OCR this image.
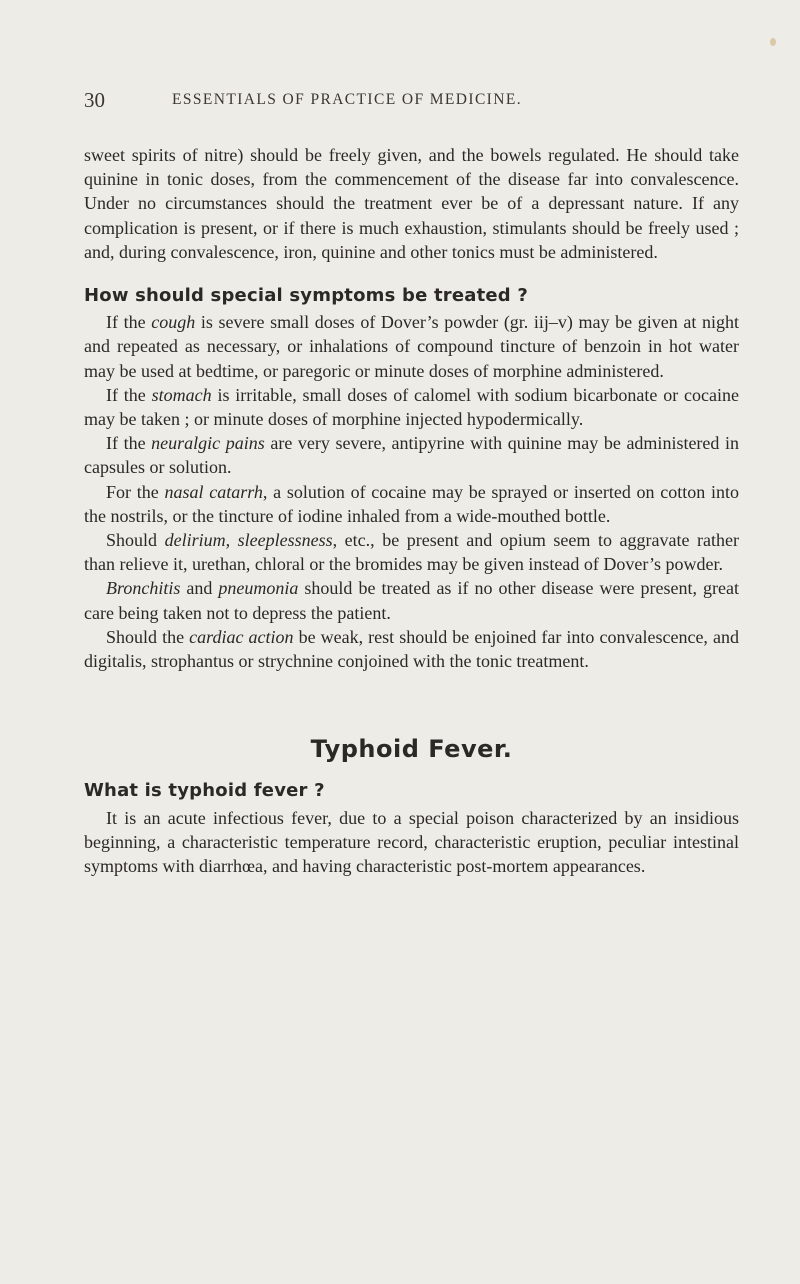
30	ESSENTIALS OF PRACTICE OF MEDICINE.

sweet spirits of nitre) should be freely given, and the bowels regulated. He should take quinine in tonic doses, from the commencement of the disease far into convalescence. Under no circumstances should the treatment ever be of a depressant nature. If any complication is present, or if there is much exhaustion, stimulants should be freely used ; and, during convalescence, iron, quinine and other tonics must be administered.

How should special symptoms be treated ?

If the cough is severe small doses of Dover’s powder (gr. iij–v) may be given at night and repeated as necessary, or inhalations of compound tincture of benzoin in hot water may be used at bedtime, or paregoric or minute doses of morphine administered.

If the stomach is irritable, small doses of calomel with sodium bicarbonate or cocaine may be taken ; or minute doses of morphine injected hypodermically.

If the neuralgic pains are very severe, antipyrine with quinine may be administered in capsules or solution.

For the nasal catarrh, a solution of cocaine may be sprayed or inserted on cotton into the nostrils, or the tincture of iodine inhaled from a wide-mouthed bottle.

Should delirium, sleeplessness, etc., be present and opium seem to aggravate rather than relieve it, urethan, chloral or the bromides may be given instead of Dover’s powder.

Bronchitis and pneumonia should be treated as if no other disease were present, great care being taken not to depress the patient.

Should the cardiac action be weak, rest should be enjoined far into convalescence, and digitalis, strophantus or strychnine conjoined with the tonic treatment.

Typhoid Fever.
What is typhoid fever ?

It is an acute infectious fever, due to a special poison characterized by an insidious beginning, a characteristic temperature record, characteristic eruption, peculiar intestinal symptoms with diarrhœa, and having characteristic post-mortem appearances.
